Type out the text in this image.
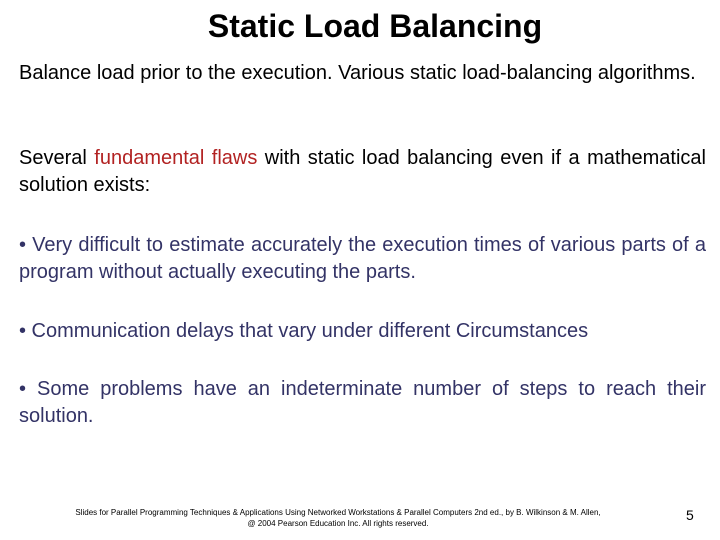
Static Load Balancing
Balance load prior to the execution. Various static load-balancing algorithms.
Several fundamental flaws with static load balancing even if a mathematical solution exists:
• Very difficult to estimate accurately the execution times of various parts of a program without actually executing the parts.
• Communication delays that vary under different Circumstances
• Some problems have an indeterminate number of steps to reach their solution.
Slides for Parallel Programming Techniques & Applications Using Networked Workstations & Parallel Computers 2nd ed., by B. Wilkinson & M. Allen,
@ 2004 Pearson Education Inc. All rights reserved.
5
